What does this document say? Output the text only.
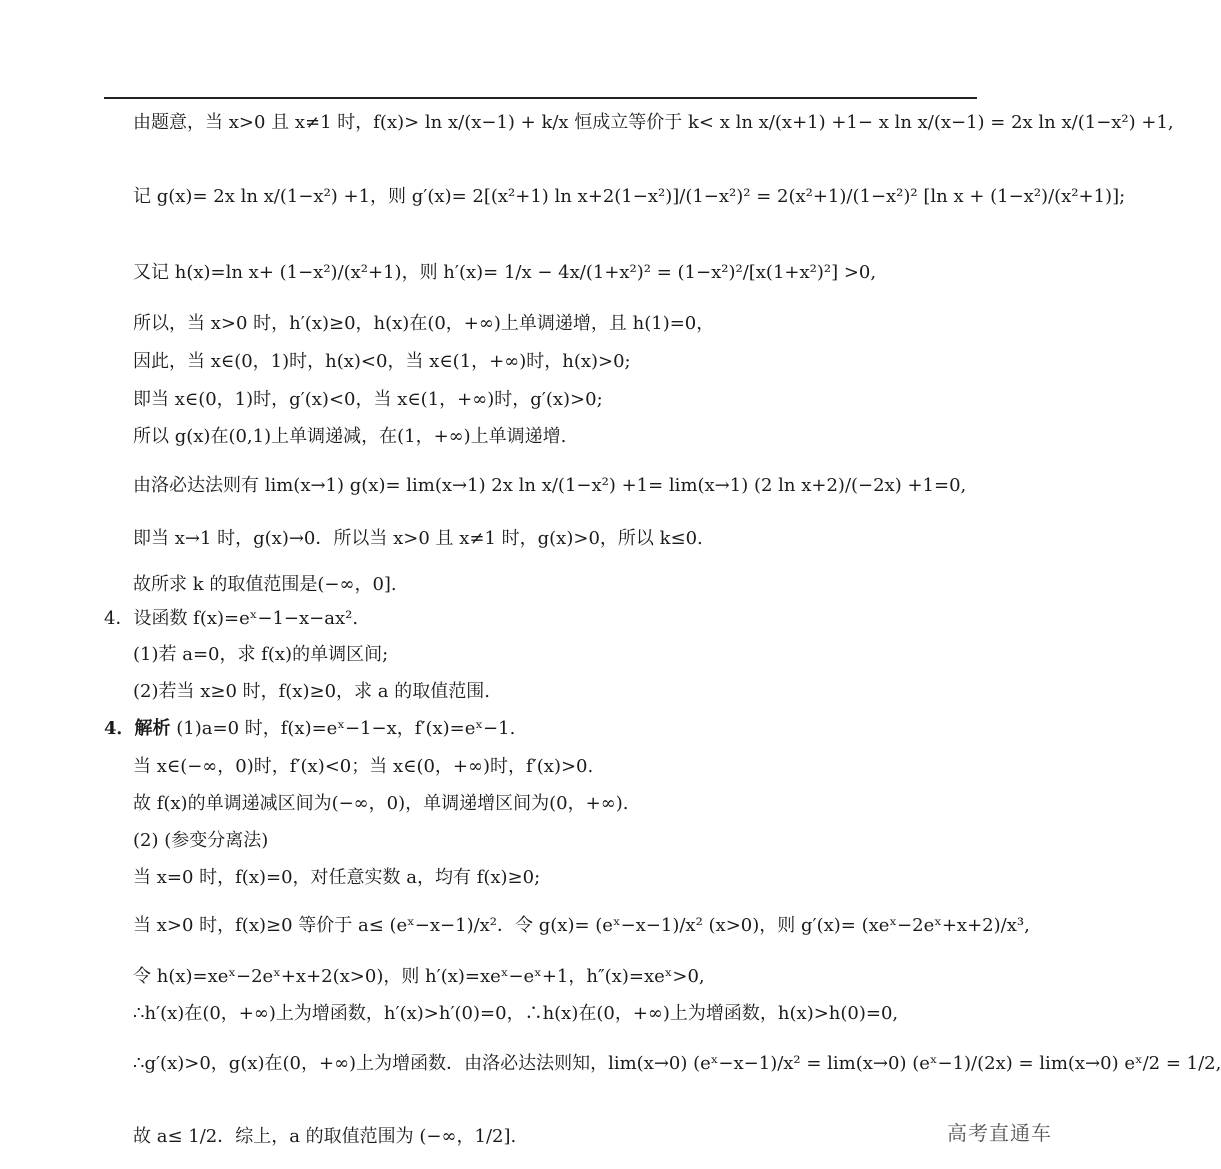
由题意，当 x>0 且 x≠1 时，f(x)> ln x/(x−1) + k/x 恒成立等价于 k< x ln x/(x+1) +1− x ln x/(x−1) = 2x ln x/(1−x²) +1,
记 g(x)= 2x ln x/(1−x²) +1，则 g′(x)= 2[(x²+1) ln x+2(1−x²)]/(1−x²)² = 2(x²+1)/(1−x²)² [ln x + (1−x²)/(x²+1)];
又记 h(x)=ln x+ (1−x²)/(x²+1)，则 h′(x)= 1/x − 4x/(1+x²)² = (1−x²)²/[x(1+x²)²] >0,
所以，当 x>0 时，h′(x)≥0，h(x)在(0，+∞)上单调递增，且 h(1)=0，
因此，当 x∈(0，1)时，h(x)<0，当 x∈(1，+∞)时，h(x)>0;
即当 x∈(0，1)时，g′(x)<0，当 x∈(1，+∞)时，g′(x)>0;
所以 g(x)在(0,1)上单调递减，在(1，+∞)上单调递增.
由洛必达法则有 lim(x→1) g(x)= lim(x→1) 2x ln x/(1−x²) +1= lim(x→1) (2 ln x+2)/(−2x) +1=0,
即当 x→1 时，g(x)→0．所以当 x>0 且 x≠1 时，g(x)>0，所以 k≤0.
故所求 k 的取值范围是(−∞，0].
4．设函数 f(x)=eˣ−1−x−ax².
(1)若 a=0，求 f(x)的单调区间;
(2)若当 x≥0 时，f(x)≥0，求 a 的取值范围.
4．解析 (1)a=0 时，f(x)=eˣ−1−x，f′(x)=eˣ−1.
当 x∈(−∞，0)时，f′(x)<0；当 x∈(0，+∞)时，f′(x)>0.
故 f(x)的单调递减区间为(−∞，0)，单调递增区间为(0，+∞).
(2) (参变分离法)
当 x=0 时，f(x)=0，对任意实数 a，均有 f(x)≥0;
当 x>0 时，f(x)≥0 等价于 a≤ (eˣ−x−1)/x²．令 g(x)= (eˣ−x−1)/x² (x>0)，则 g′(x)= (xeˣ−2eˣ+x+2)/x³,
令 h(x)=xeˣ−2eˣ+x+2(x>0)，则 h′(x)=xeˣ−eˣ+1，h″(x)=xeˣ>0,
∴h′(x)在(0，+∞)上为增函数，h′(x)>h′(0)=0，∴h(x)在(0，+∞)上为增函数，h(x)>h(0)=0,
∴g′(x)>0，g(x)在(0，+∞)上为增函数．由洛必达法则知，lim(x→0) (eˣ−x−1)/x² = lim(x→0) (eˣ−1)/(2x) = lim(x→0) eˣ/2 = 1/2,
故 a≤ 1/2．综上，a 的取值范围为 (−∞，1/2].	高考直通车
